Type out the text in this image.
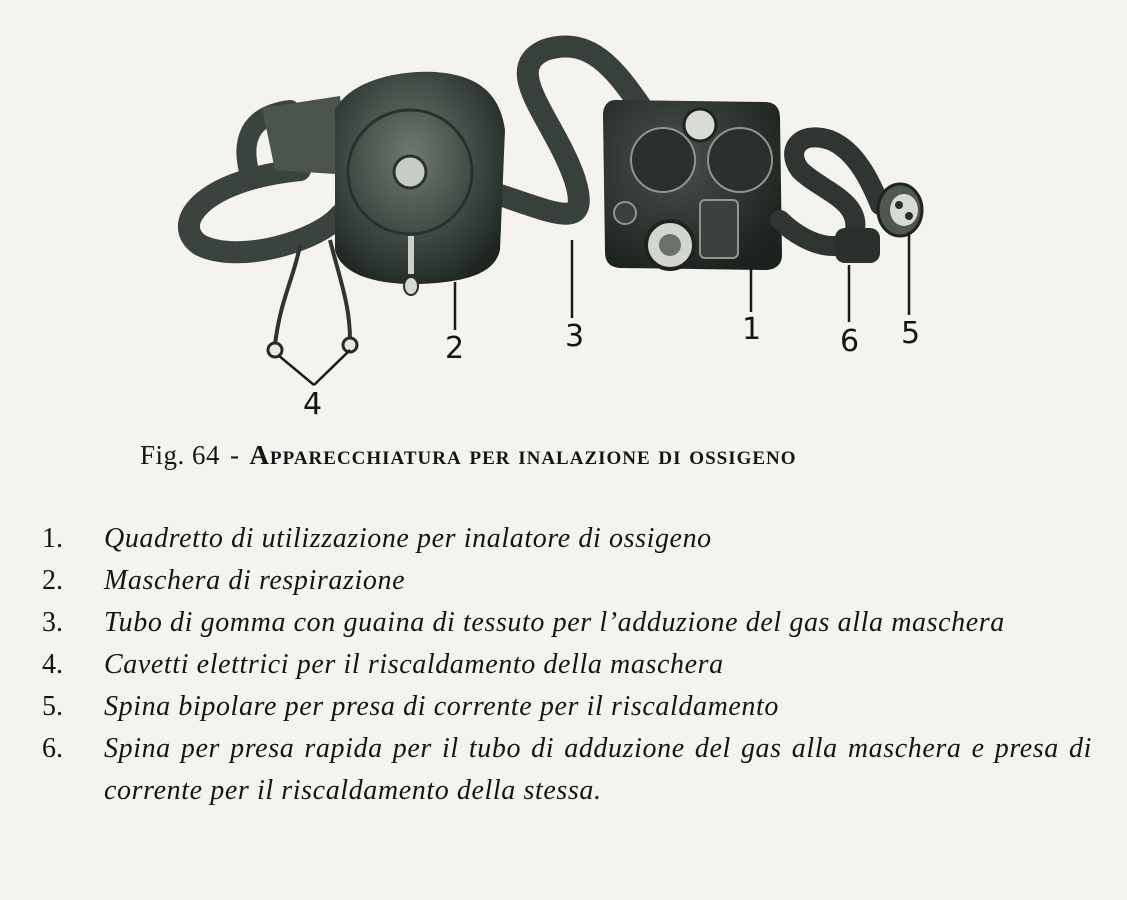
2	3	1	6 5
4
Fig. 64 - Apparecchiatura per inalazione di ossigeno
1.	Quadretto di utilizzazione per inalatore di ossigeno
2.	Maschera di respirazione
3.	Tubo di gomma con guaina di tessuto per l’adduzione del gas alla maschera
4.	Cavetti elettrici per il riscaldamento della maschera
5.	Spina bipolare per presa di corrente per il riscaldamento
6.	Spina per presa rapida per il tubo di adduzione del gas alla maschera e presa di corrente per il riscaldamento della stessa.
